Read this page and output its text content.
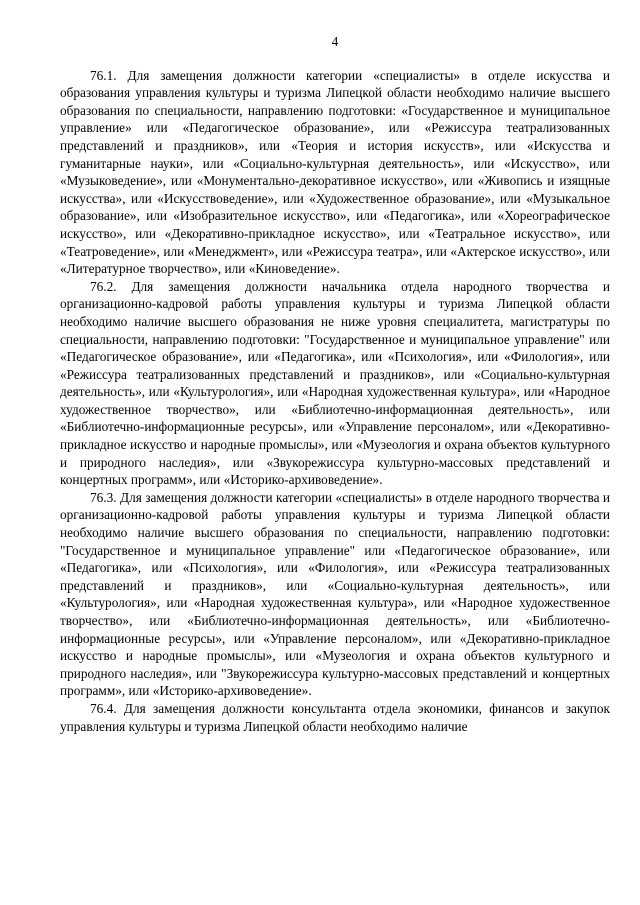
4

76.1. Для замещения должности категории «специалисты» в отделе искусства и образования управления культуры и туризма Липецкой области необходимо наличие высшего образования по специальности, направлению подготовки: «Государственное и муниципальное управление» или «Педагогическое образование», или «Режиссура театрализованных представлений и праздников», или «Теория и история искусств», или «Искусства и гуманитарные науки», или «Социально-культурная деятельность», или «Искусство», или «Музыковедение», или «Монументально-декоративное искусство», или «Живопись и изящные искусства», или «Искусствоведение», или «Художественное образование», или «Музыкальное образование», или «Изобразительное искусство», или «Педагогика», или «Хореографическое искусство», или «Декоративно-прикладное искусство», или «Театральное искусство», или «Театроведение», или «Менеджмент», или «Режиссура театра», или «Актерское искусство», или «Литературное творчество», или «Киноведение».

76.2. Для замещения должности начальника отдела народного творчества и организационно-кадровой работы управления культуры и туризма Липецкой области необходимо наличие высшего образования не ниже уровня специалитета, магистратуры по специальности, направлению подготовки: "Государственное и муниципальное управление" или «Педагогическое образование», или «Педагогика», или «Психология», или «Филология», или «Режиссура театрализованных представлений и праздников», или «Социально-культурная деятельность», или «Культурология», или «Народная художественная культура», или «Народное художественное творчество», или «Библиотечно-информационная деятельность», или «Библиотечно-информационные ресурсы», или «Управление персоналом», или «Декоративно-прикладное искусство и народные промыслы», или «Музеология и охрана объектов культурного и природного наследия», или «Звукорежиссура культурно-массовых представлений и концертных программ», или «Историко-архивоведение».

76.3. Для замещения должности категории «специалисты» в отделе народного творчества и организационно-кадровой работы управления культуры и туризма Липецкой области необходимо наличие высшего образования по специальности, направлению подготовки: "Государственное и муниципальное управление" или «Педагогическое образование», или «Педагогика», или «Психология», или «Филология», или «Режиссура театрализованных представлений и праздников», или «Социально-культурная деятельность», или «Культурология», или «Народная художественная культура», или «Народное художественное творчество», или «Библиотечно-информационная деятельность», или «Библиотечно-информационные ресурсы», или «Управление персоналом», или «Декоративно-прикладное искусство и народные промыслы», или «Музеология и охрана объектов культурного и природного наследия», или "Звукорежиссура культурно-массовых представлений и концертных программ», или «Историко-архивоведение».

76.4. Для замещения должности консультанта отдела экономики, финансов и закупок управления культуры и туризма Липецкой области необходимо наличие
